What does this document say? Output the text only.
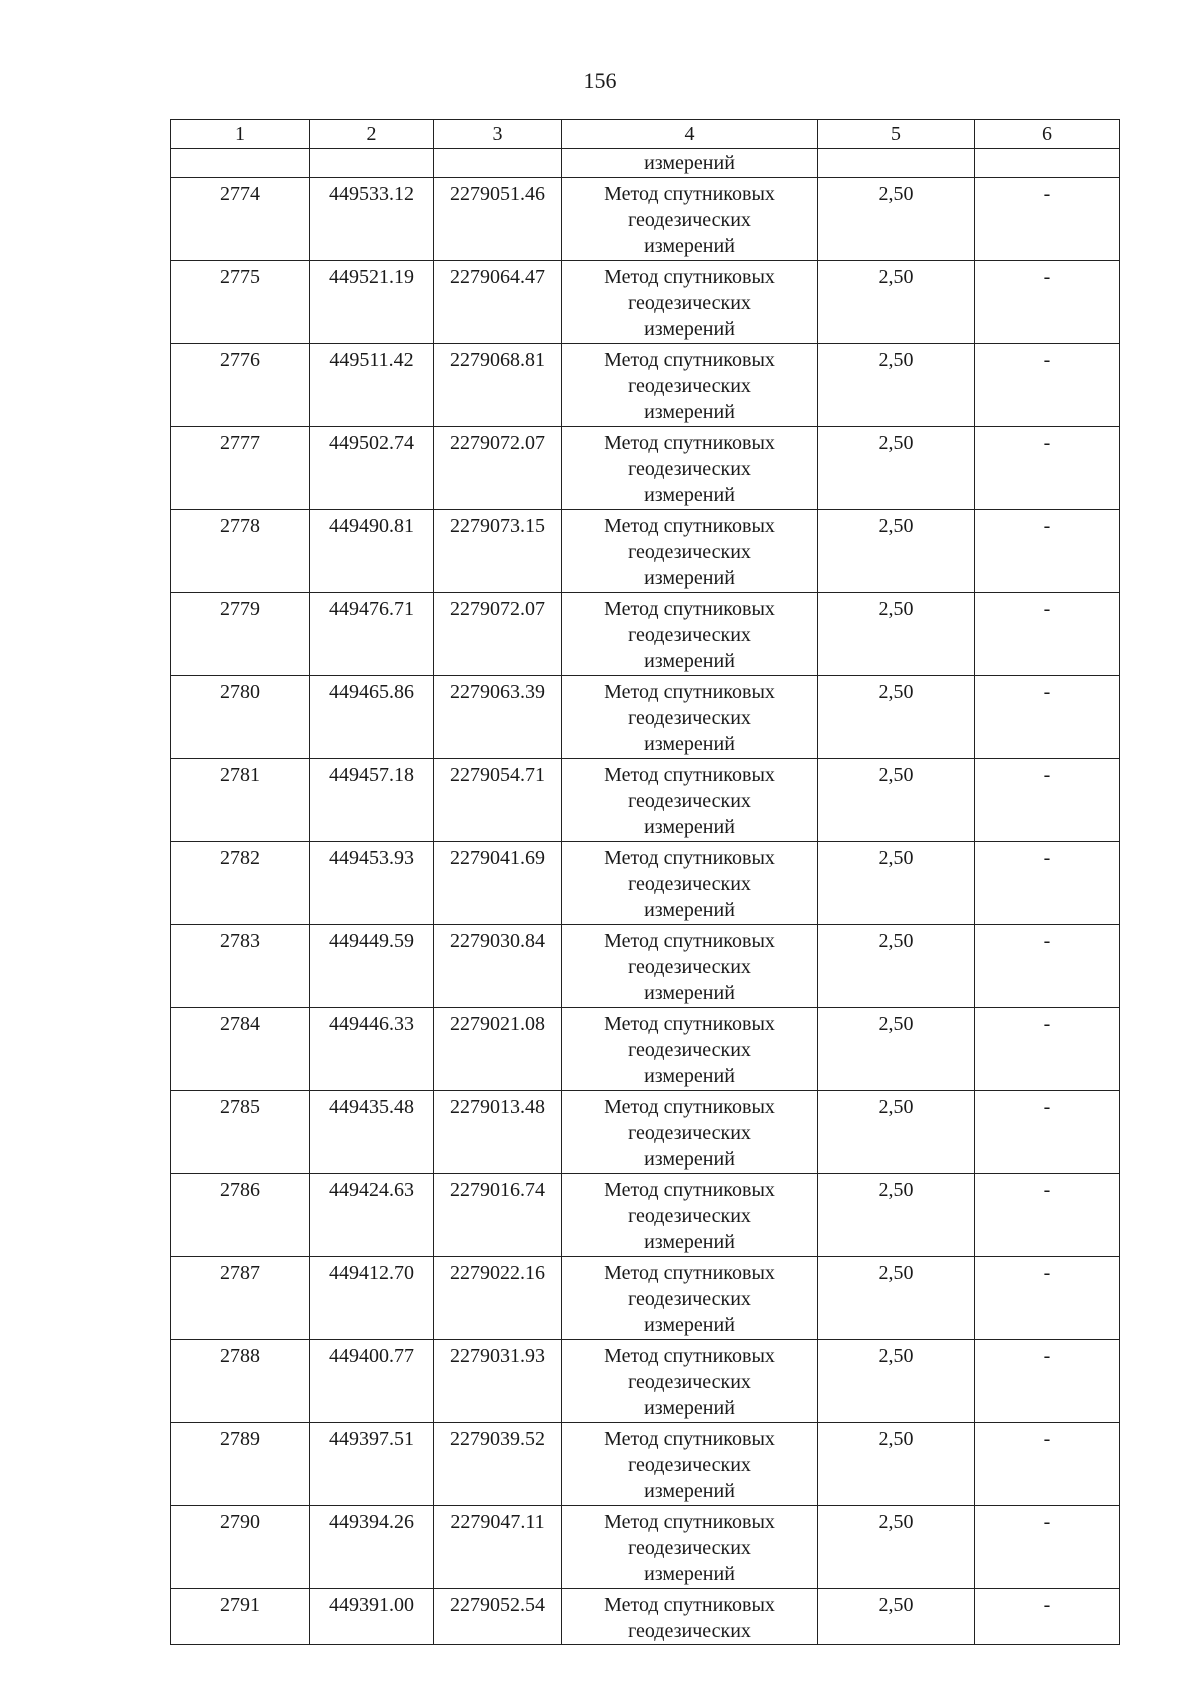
156
1	2	3	4	5	6
			измерений		
2774	449533.12	2279051.46	Метод спутниковых
геодезических
измерений	2,50	-
2775	449521.19	2279064.47	Метод спутниковых
геодезических
измерений	2,50	-
2776	449511.42	2279068.81	Метод спутниковых
геодезических
измерений	2,50	-
2777	449502.74	2279072.07	Метод спутниковых
геодезических
измерений	2,50	-
2778	449490.81	2279073.15	Метод спутниковых
геодезических
измерений	2,50	-
2779	449476.71	2279072.07	Метод спутниковых
геодезических
измерений	2,50	-
2780	449465.86	2279063.39	Метод спутниковых
геодезических
измерений	2,50	-
2781	449457.18	2279054.71	Метод спутниковых
геодезических
измерений	2,50	-
2782	449453.93	2279041.69	Метод спутниковых
геодезических
измерений	2,50	-
2783	449449.59	2279030.84	Метод спутниковых
геодезических
измерений	2,50	-
2784	449446.33	2279021.08	Метод спутниковых
геодезических
измерений	2,50	-
2785	449435.48	2279013.48	Метод спутниковых
геодезических
измерений	2,50	-
2786	449424.63	2279016.74	Метод спутниковых
геодезических
измерений	2,50	-
2787	449412.70	2279022.16	Метод спутниковых
геодезических
измерений	2,50	-
2788	449400.77	2279031.93	Метод спутниковых
геодезических
измерений	2,50	-
2789	449397.51	2279039.52	Метод спутниковых
геодезических
измерений	2,50	-
2790	449394.26	2279047.11	Метод спутниковых
геодезических
измерений	2,50	-
2791	449391.00	2279052.54	Метод спутниковых
геодезических	2,50	-
